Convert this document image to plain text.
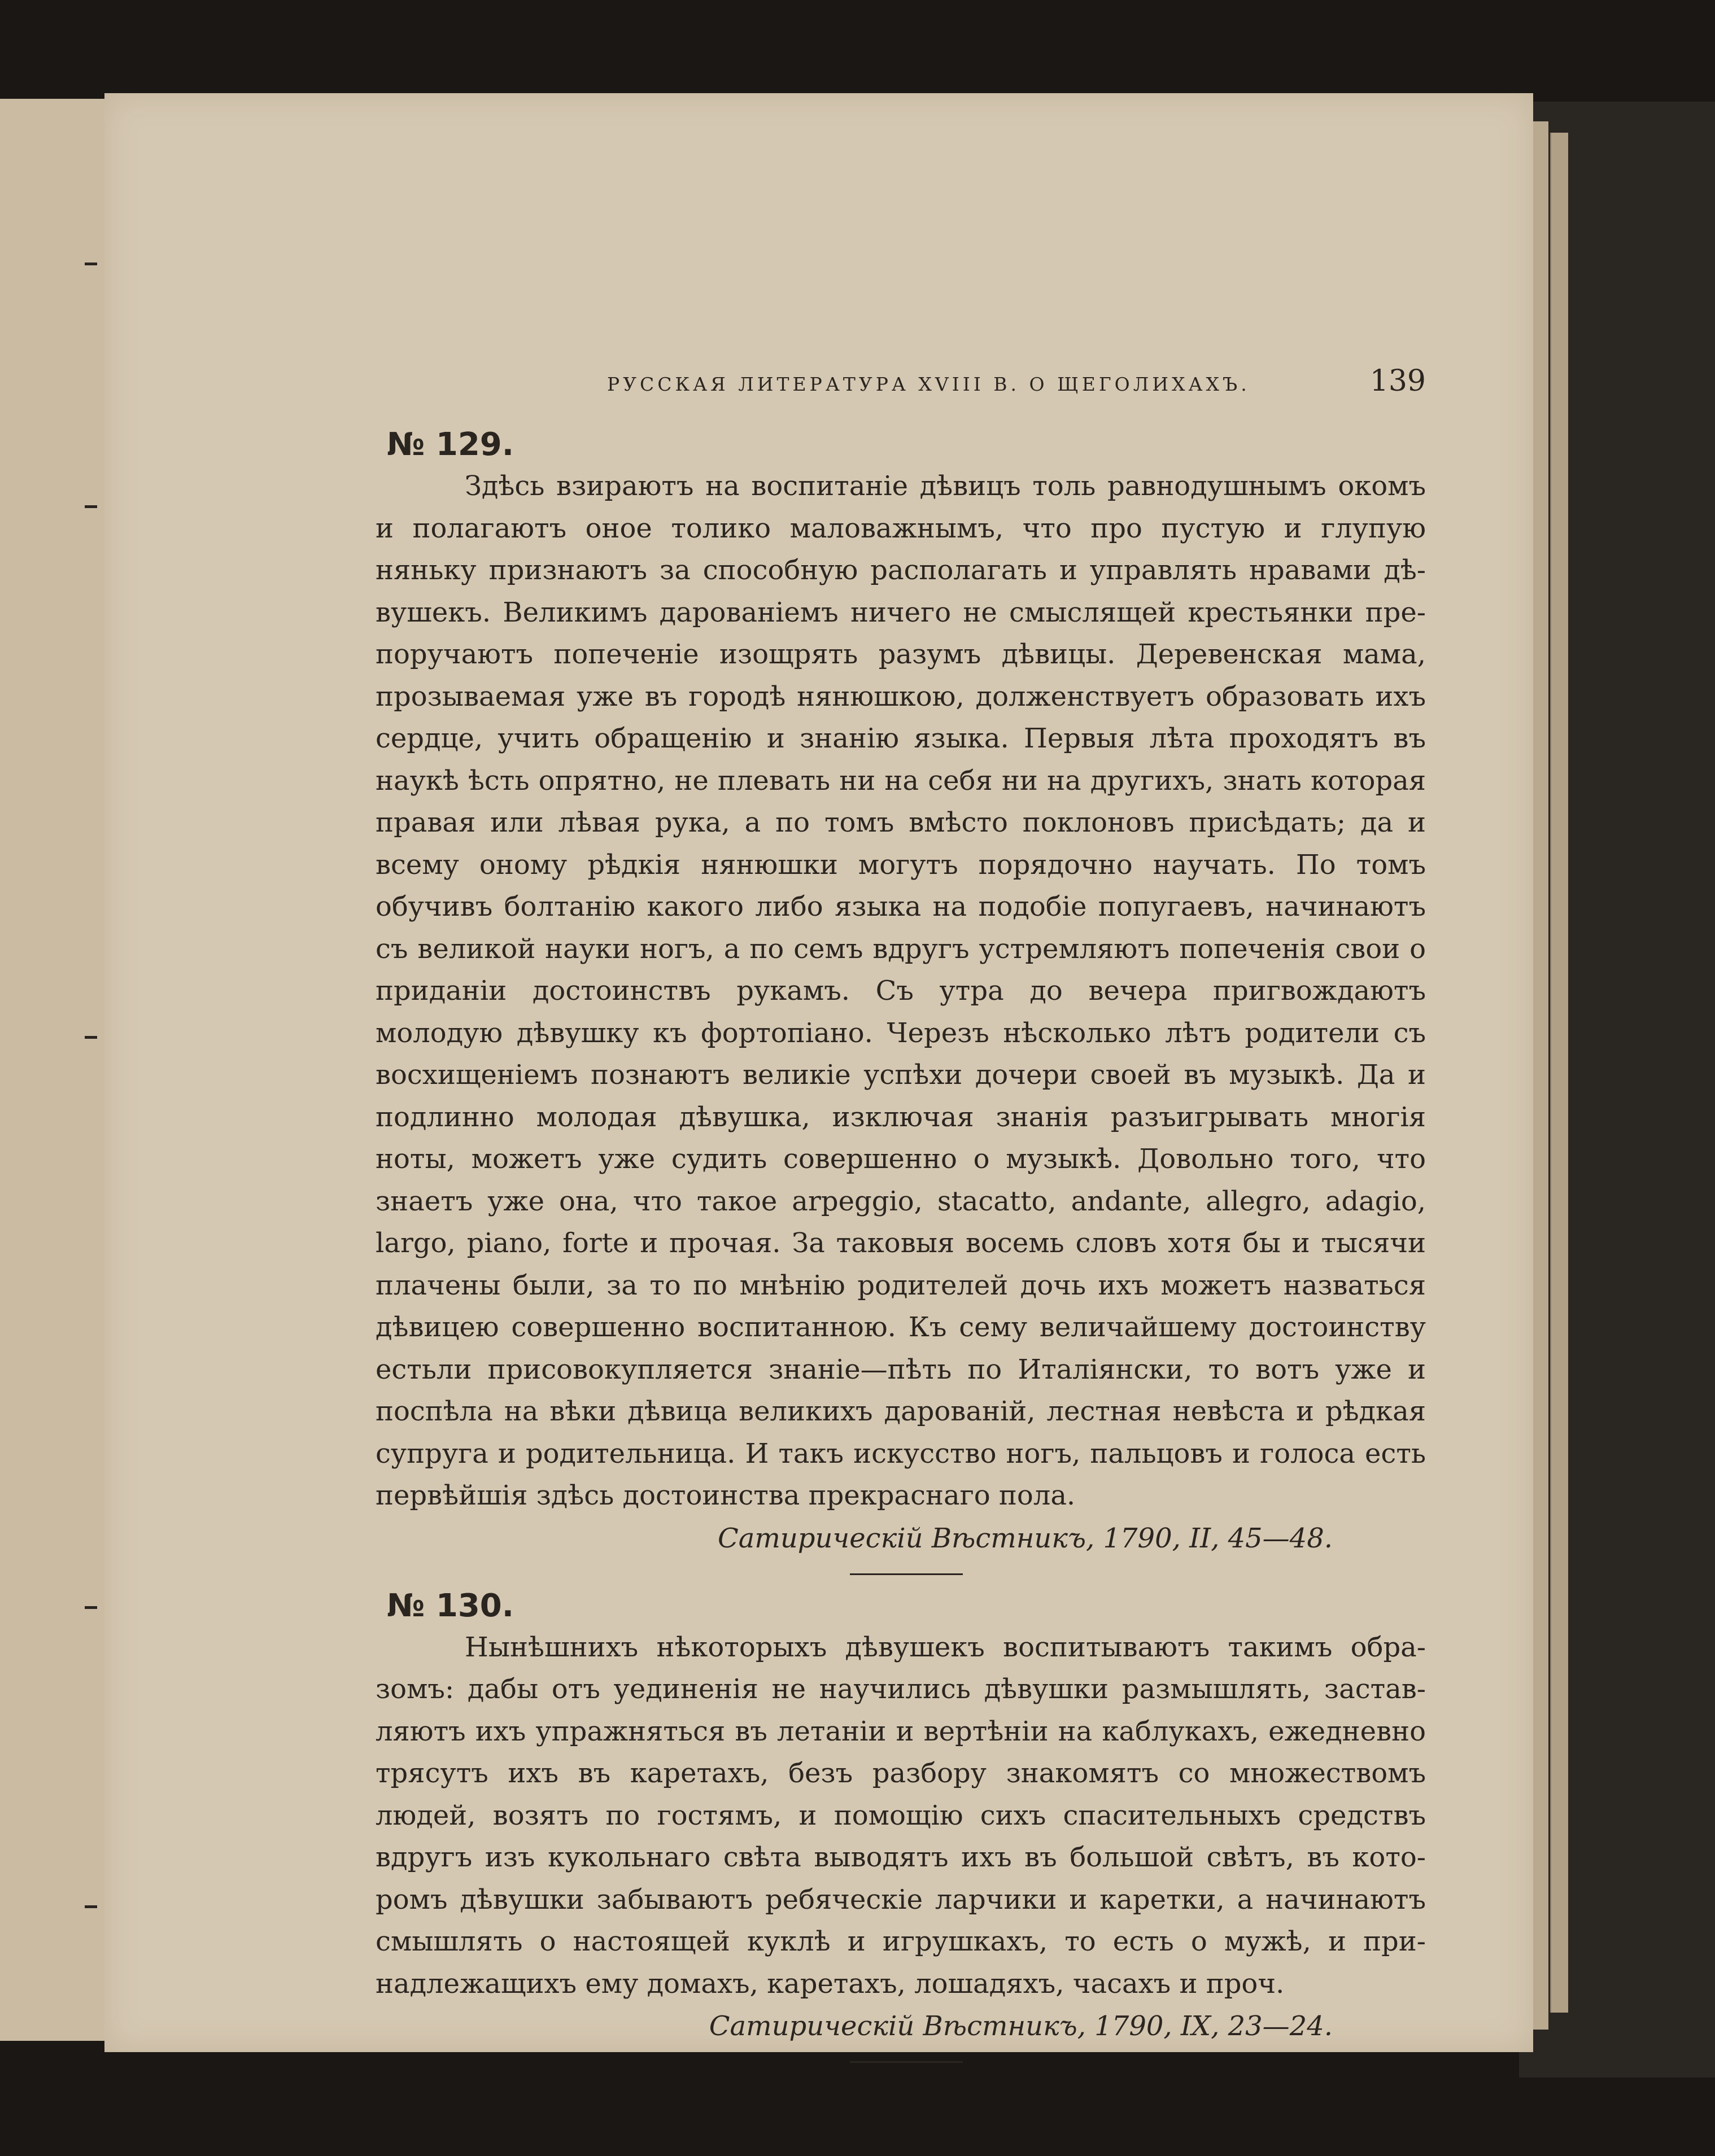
РУССКАЯ ЛИТЕРАТУРА XVIII В. О ЩЕГОЛИХАХЪ.	139
№ 129.

Здѣсь взираютъ на воспитаніе дѣвицъ толь равнодушнымъ окомъ и полагаютъ оное толико маловажнымъ, что про пустую и глупую няньку признаютъ за способную располагать и управлять нравами дѣвушекъ. Великимъ дарованіемъ ничего не смыслящей крестьянки препоручаютъ попеченіе изощрять разумъ дѣвицы. Деревенская мама, прозываемая уже въ городѣ нянюшкою, долженствуетъ образовать ихъ сердце, учить обращенію и знанію языка. Первыя лѣта проходятъ въ наукѣ ѣсть опрятно, не плевать ни на себя ни на другихъ, знать которая правая или лѣвая рука, а по томъ вмѣсто поклоновъ присѣдать; да и всему оному рѣдкія нянюшки могутъ порядочно научать. По томъ обучивъ болтанію какого либо языка на подобіе попугаевъ, начинаютъ съ великой науки ногъ, а по семъ вдругъ устремляютъ попеченія свои о приданіи достоинствъ рукамъ. Съ утра до вечера пригвождаютъ молодую дѣвушку къ фортопіано. Черезъ нѣсколько лѣтъ родители съ восхищеніемъ познаютъ великіе успѣхи дочери своей въ музыкѣ. Да и подлинно молодая дѣвушка, изключая знанія разъигрывать многія ноты, можетъ уже судить совершенно о музыкѣ. Довольно того, что знаетъ уже она, что такое arpeggio, stacatto, andante, allegro, adagio, largo, piano, forte и прочая. За таковыя восемь словъ хотя бы и тысячи плачены были, за то по мнѣнію родителей дочь ихъ можетъ назваться дѣвицею совершенно воспитанною. Къ сему величайшему достоинству естьли присовокупляется знаніе—пѣть по Италіянски, то вотъ уже и поспѣла на вѣки дѣвица великихъ дарованій, лестная невѣста и рѣдкая супруга и родительница. И такъ искусство ногъ, пальцовъ и голоса есть первѣйшія здѣсь достоинства прекраснаго пола.

Сатирическій Вѣстникъ, 1790, II, 45—48.
№ 130.

Нынѣшнихъ нѣкоторыхъ дѣвушекъ воспитываютъ такимъ образомъ: дабы отъ уединенія не научились дѣвушки размышлять, заставляютъ ихъ упражняться въ летаніи и вертѣніи на каблукахъ, ежедневно трясутъ ихъ въ каретахъ, безъ разбору знакомятъ со множествомъ людей, возятъ по гостямъ, и помощію сихъ спасительныхъ средствъ вдругъ изъ кукольнаго свѣта выводятъ ихъ въ большой свѣтъ, въ которомъ дѣвушки забываютъ ребяческіе ларчики и каретки, а начинаютъ смышлять о настоящей куклѣ и игрушкахъ, то есть о мужѣ, и принадлежащихъ ему домахъ, каретахъ, лошадяхъ, часахъ и проч.

Сатирическій Вѣстникъ, 1790, IX, 23—24.
